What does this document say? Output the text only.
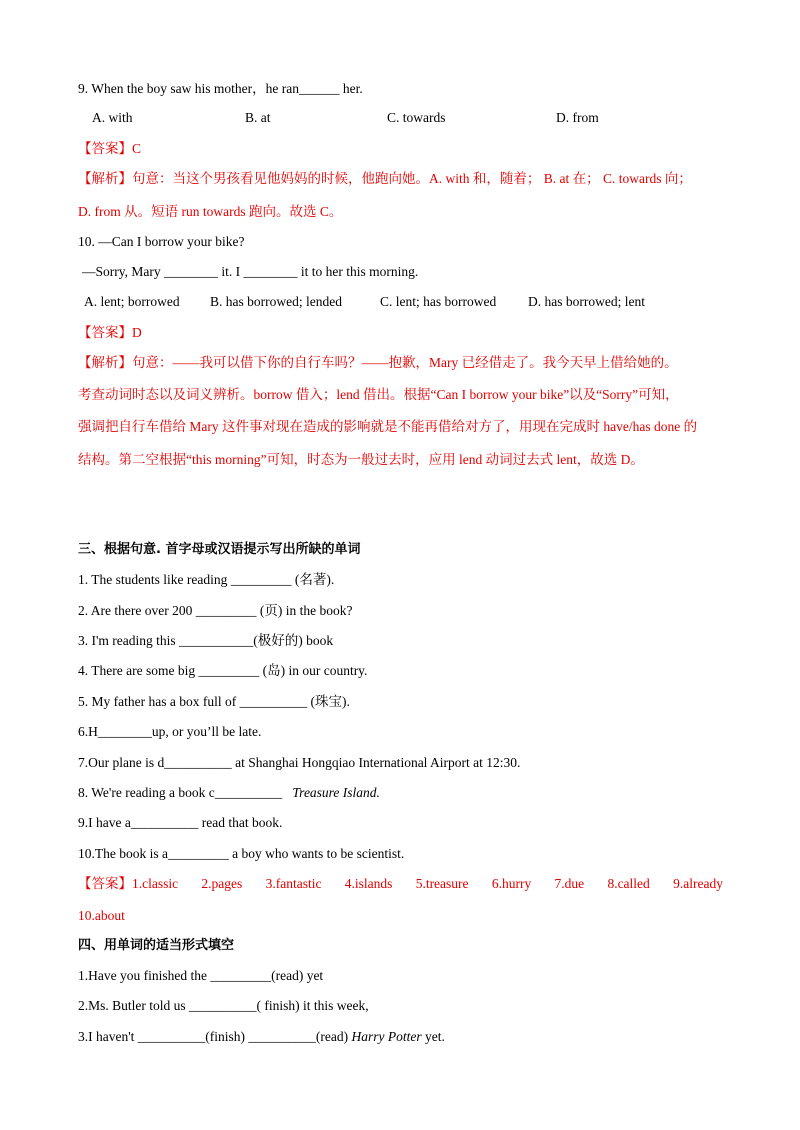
9. When the boy saw his mother，he ran______ her.
A. with	B. at	C. towards	D. from
【答案】C
【解析】句意：当这个男孩看见他妈妈的时候，他跑向她。A. with 和，随着； B. at 在； C. towards 向；
D. from 从。短语 run towards 跑向。故选 C。
10. —Can I borrow your bike?
—Sorry, Mary ________ it. I ________ it to her this morning.
A. lent; borrowed B. has borrowed; lended	C. lent; has borrowed D. has borrowed; lent
【答案】D
【解析】句意：——我可以借下你的自行车吗？——抱歉，Mary 已经借走了。我今天早上借给她的。
考查动词时态以及词义辨析。borrow 借入；lend 借出。根据“Can I borrow your bike”以及“Sorry”可知，
强调把自行车借给 Mary 这件事对现在造成的影响就是不能再借给对方了，用现在完成时 have/has done 的
结构。第二空根据“this morning”可知，时态为一般过去时，应用 lend 动词过去式 lent，故选 D。
三、根据句意. 首字母或汉语提示写出所缺的单词
1. The students like reading _________ (名著).
2. Are there over 200 _________ (页) in the book?
3. I'm reading this ___________(极好的) book
4. There are some big _________ (岛) in our country.
5. My father has a box full of __________ (珠宝).
6.H________up, or you’ll be late.
7.Our plane is d__________ at Shanghai Hongqiao International Airport at 12:30.
8. We're reading a book c__________ Treasure Island.
9.I have a__________ read that book.
10.The book is a_________ a boy who wants to be scientist.
【答案】1.classic 2.pages 3.fantastic 4.islands 5.treasure 6.hurry 7.due 8.called 9.already
10.about
四、用单词的适当形式填空
1.Have you finished the _________(read) yet
2.Ms. Butler told us __________( finish) it this week,
3.I haven't __________(finish) __________(read) Harry Potter yet.
